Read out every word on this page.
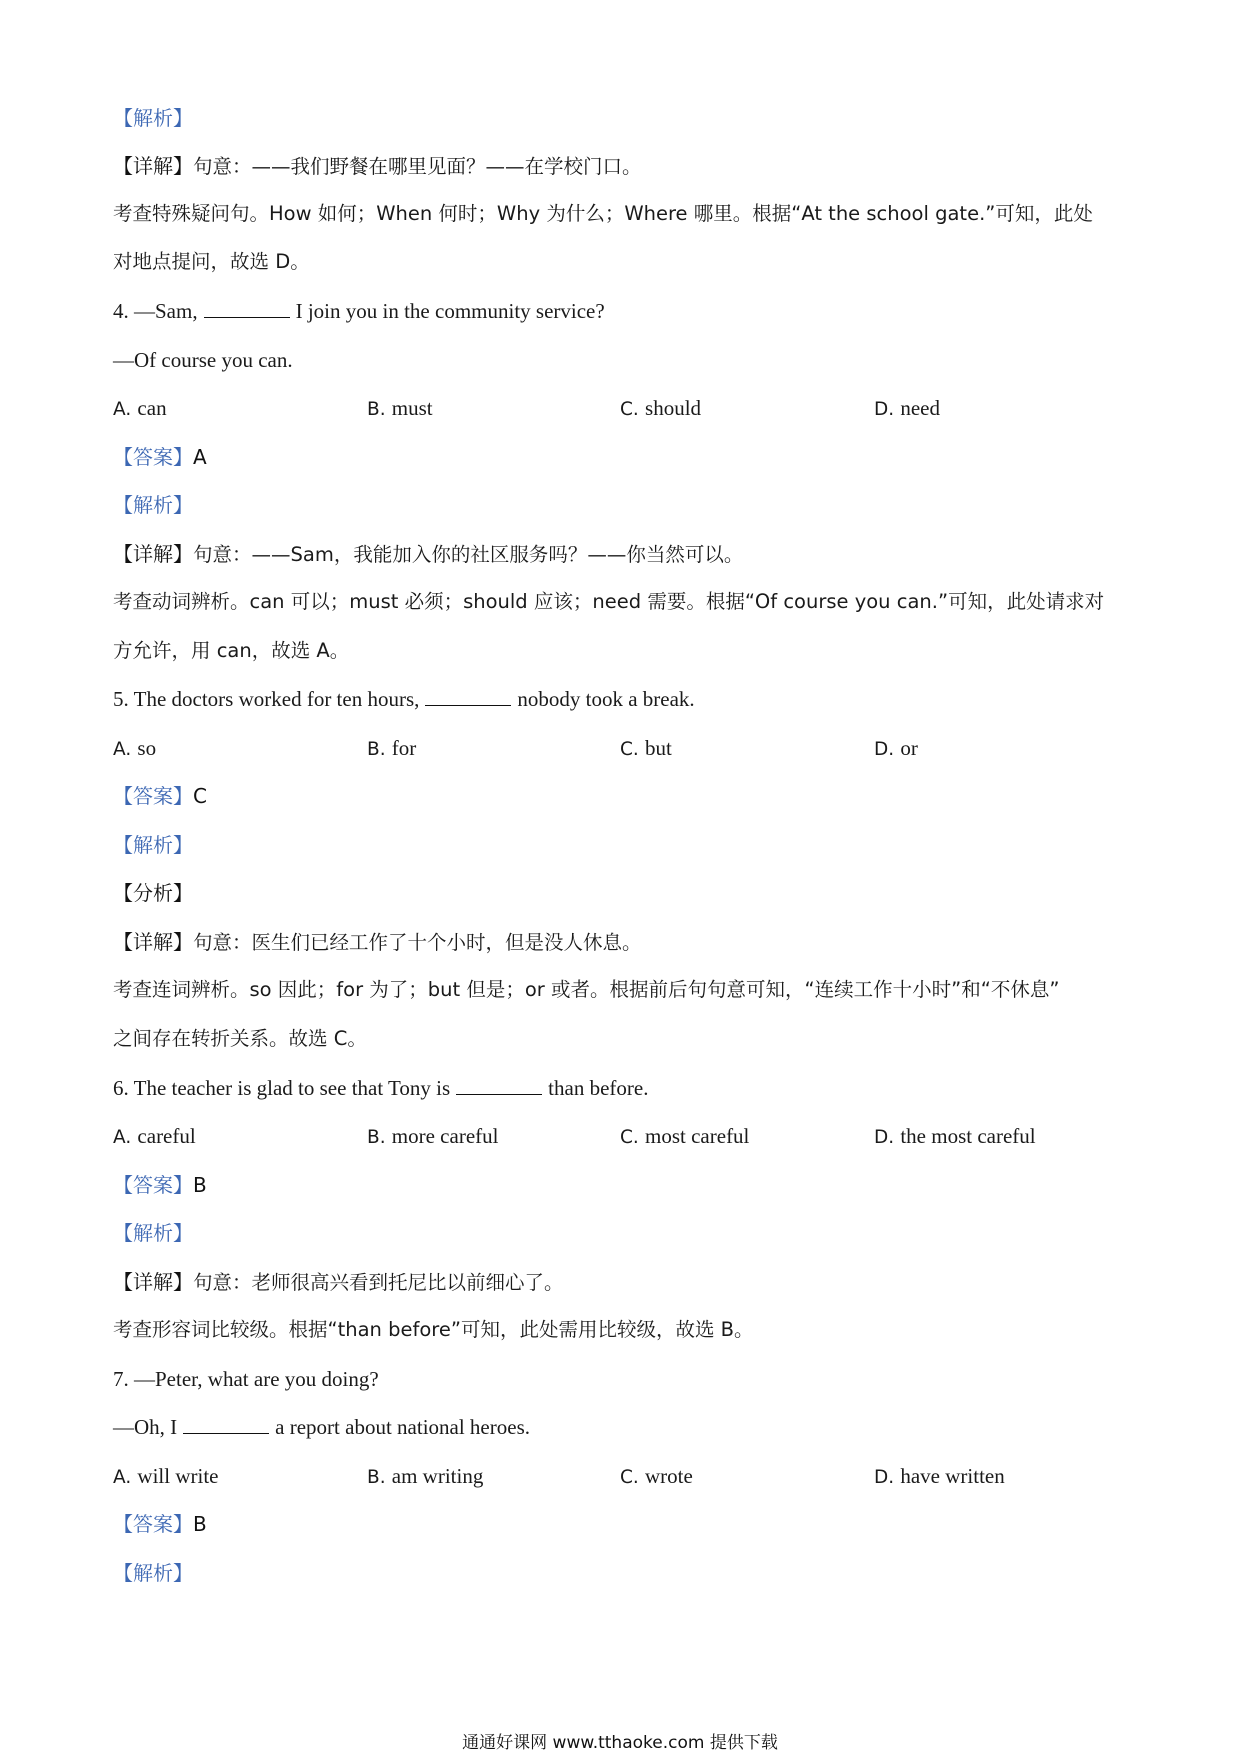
【解析】
【详解】句意：——我们野餐在哪里见面？——在学校门口。
考查特殊疑问句。How 如何；When 何时；Why 为什么；Where 哪里。根据“At the school gate.”可知，此处
对地点提问，故选 D。
4. —Sam,	I join you in the community service?
—Of course you can.
A. can	B. must	C. should	D. need
【答案】A
【解析】
【详解】句意：——Sam，我能加入你的社区服务吗？——你当然可以。
考查动词辨析。can 可以；must 必须；should 应该；need 需要。根据“Of course you can.”可知，此处请求对
方允许，用 can，故选 A。
5. The doctors worked for ten hours,	nobody took a break.
A. so	B. for	C. but	D. or
【答案】C
【解析】
【分析】
【详解】句意：医生们已经工作了十个小时，但是没人休息。
考查连词辨析。so 因此；for 为了；but 但是；or 或者。根据前后句句意可知，“连续工作十小时”和“不休息”
之间存在转折关系。故选 C。
6. The teacher is glad to see that Tony is	than before.
A. careful	B. more careful	C. most careful	D. the most careful
【答案】B
【解析】
【详解】句意：老师很高兴看到托尼比以前细心了。
考查形容词比较级。根据“than before”可知，此处需用比较级，故选 B。
7. —Peter, what are you doing?
—Oh, I	a report about national heroes.
A. will write	B. am writing	C. wrote	D. have written
【答案】B
【解析】
通通好课网 www.tthaoke.com 提供下载
